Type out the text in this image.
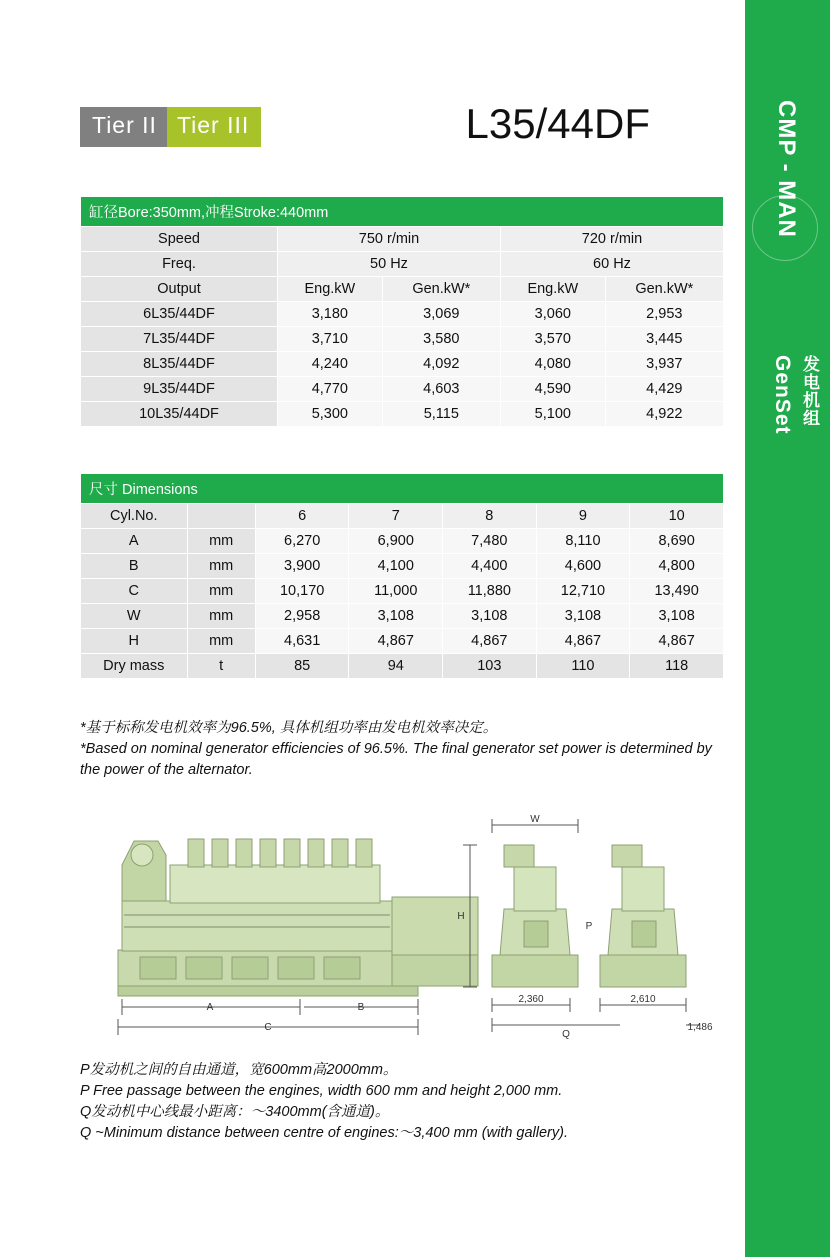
Tier II Tier III	L35/44DF
缸径Bore:350mm,冲程Stroke:440mm				
Speed	750 r/min		720 r/min	
Freq.	50 Hz		60 Hz	
Output	Eng.kW	Gen.kW*	Eng.kW	Gen.kW*
6L35/44DF	3,180	3,069	3,060	2,953
7L35/44DF	3,710	3,580	3,570	3,445
8L35/44DF	4,240	4,092	4,080	3,937
9L35/44DF	4,770	4,603	4,590	4,429
10L35/44DF	5,300	5,115	5,100	4,922
尺寸 Dimensions						
Cyl.No.		6	7	8	9	10
A	mm	6,270	6,900	7,480	8,110	8,690
B	mm	3,900	4,100	4,400	4,600	4,800
C	mm	10,170	11,000	11,880	12,710	13,490
W	mm	2,958	3,108	3,108	3,108	3,108
H	mm	4,631	4,867	4,867	4,867	4,867
Dry mass	t	85	94	103	110	118
*基于标称发电机效率为96.5%, 具体机组功率由发电机效率决定。
*Based on nominal generator efficiencies of 96.5%. The final generator set power is determined by the power of the alternator.
A	B
C
W
H
P
Q
2,360	2,610
1,486
P发动机之间的自由通道，宽600mm高2000mm。
P Free passage between the engines, width 600 mm and height 2,000 mm.
Q发动机中心线最小距离：～3400mm(含通道)。
Q ~Minimum distance between centre of engines:～3,400 mm (with gallery).
CMP - MAN
GenSet 发电机组
